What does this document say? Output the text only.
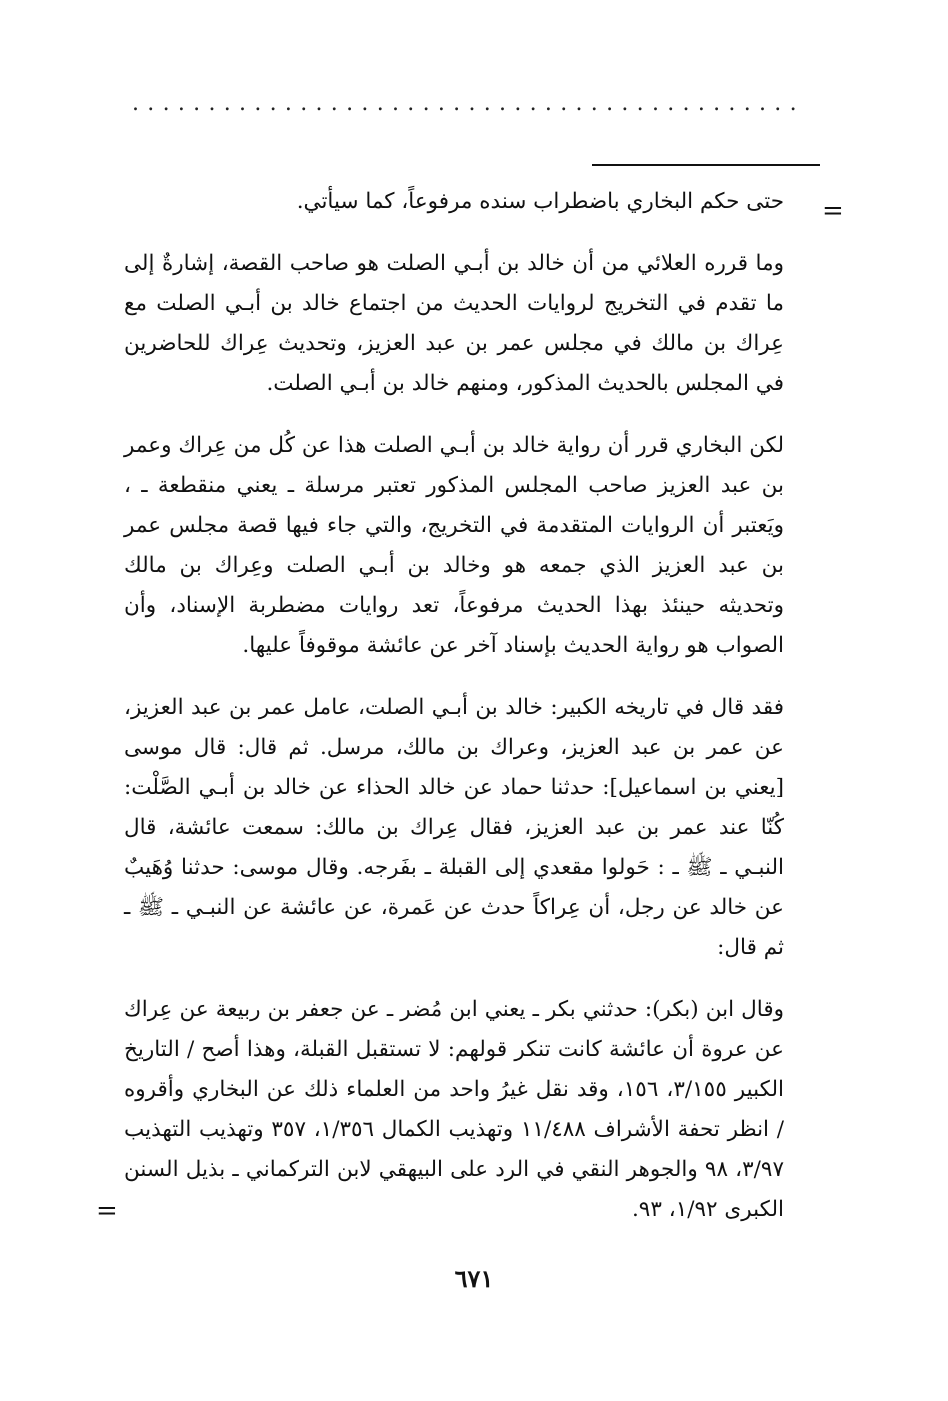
............................................
=

حتى حكم البخاري باضطراب سنده مرفوعاً، كما سيأتي.

وما قرره العلائي من أن خالد بن أبـي الصلت هو صاحب القصة، إشارةٌ إلى ما تقدم في التخريج لروايات الحديث من اجتماع خالد بن أبـي الصلت مع عِراك بن مالك في مجلس عمر بن عبد العزيز، وتحديث عِراك للحاضرين في المجلس بالحديث المذكور، ومنهم خالد بن أبـي الصلت.

لكن البخاري قرر أن رواية خالد بن أبـي الصلت هذا عن كُل من عِراك وعمر بن عبد العزيز صاحب المجلس المذكور تعتبر مرسلة ـ يعني منقطعة ـ ، ويَعتبر أن الروايات المتقدمة في التخريج، والتي جاء فيها قصة مجلس عمر بن عبد العزيز الذي جمعه هو وخالد بن أبـي الصلت وعِراك بن مالك وتحديثه حينئذ بهذا الحديث مرفوعاً، تعد روايات مضطربة الإسناد، وأن الصواب هو رواية الحديث بإسناد آخر عن عائشة موقوفاً عليها.

فقد قال في تاريخه الكبير: خالد بن أبـي الصلت، عامل عمر بن عبد العزيز، عن عمر بن عبد العزيز، وعراك بن مالك، مرسل. ثم قال: قال موسى [يعني بن اسماعيل]: حدثنا حماد عن خالد الحذاء عن خالد بن أبـي الصَّلْت: كُنّا عند عمر بن عبد العزيز، فقال عِراك بن مالك: سمعت عائشة، قال النبـي ـ ﷺ ـ : حَولوا مقعدي إلى القبلة ـ بفَرجه. وقال موسى: حدثنا وُهَيبٌ عن خالد عن رجل، أن عِراكاً حدث عن عَمرة، عن عائشة عن النبـي ـ ﷺ ـ ثم قال:

وقال ابن (بكر): حدثني بكر ـ يعني ابن مُضر ـ عن جعفر بن ربيعة عن عِراك عن عروة أن عائشة كانت تنكر قولهم: لا تستقبل القبلة، وهذا أصح / التاريخ الكبير ٣/١٥٥، ١٥٦، وقد نقل غيرُ واحد من العلماء ذلك عن البخاري وأقروه / انظر تحفة الأشراف ١١/٤٨٨ وتهذيب الكمال ١/٣٥٦، ٣٥٧ وتهذيب التهذيب ٣/٩٧، ٩٨ والجوهر النقي في الرد على البيهقي لابن التركماني ـ بذيل السنن الكبرى ١/٩٢، ٩٣.

=
٦٧١
